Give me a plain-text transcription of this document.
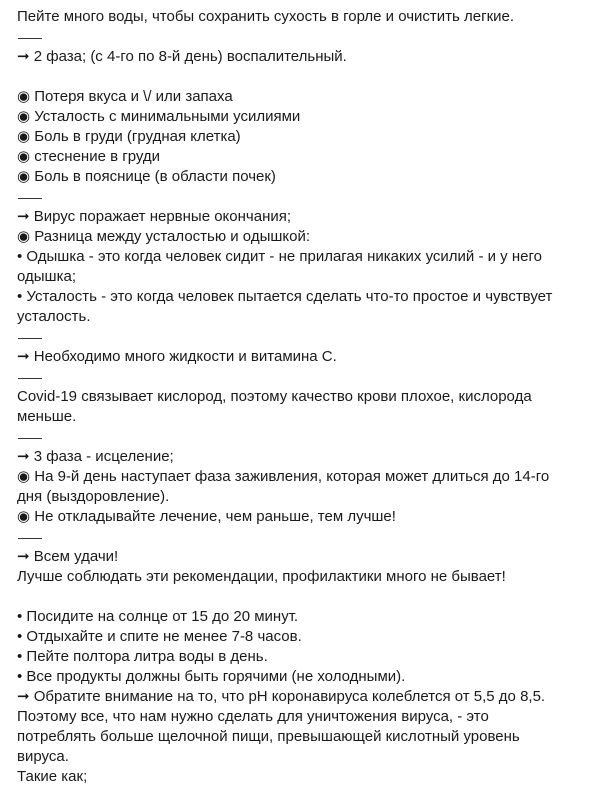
Пейте много воды, чтобы сохранить сухость в горле и очистить легкие.
➞ 2 фаза; (с 4-го по 8-й день) воспалительный.
◉ Потеря вкуса и \/ или запаха
◉ Усталость с минимальными усилиями
◉ Боль в груди (грудная клетка)
◉ стеснение в груди
◉ Боль в пояснице (в области почек)
➞ Вирус поражает нервные окончания;
◉ Разница между усталостью и одышкой:
• Одышка - это когда человек сидит - не прилагая никаких усилий - и у него
одышка;
• Усталость - это когда человек пытается сделать что-то простое и чувствует
усталость.
➞ Необходимо много жидкости и витамина С.
Covid-19 связывает кислород, поэтому качество крови плохое, кислорода
меньше.
➞ 3 фаза - исцеление;
◉ На 9-й день наступает фаза заживления, которая может длиться до 14-го
дня (выздоровление).
◉ Не откладывайте лечение, чем раньше, тем лучше!
➞ Всем удачи!
Лучше соблюдать эти рекомендации, профилактики много не бывает!
• Посидите на солнце от 15 до 20 минут.
• Отдыхайте и спите не менее 7-8 часов.
• Пейте полтора литра воды в день.
• Все продукты должны быть горячими (не холодными).
➞ Обратите внимание на то, что pH коронавируса колеблется от 5,5 до 8,5.
Поэтому все, что нам нужно сделать для уничтожения вируса, - это
потреблять больше щелочной пищи, превышающей кислотный уровень
вируса.
Такие как;
